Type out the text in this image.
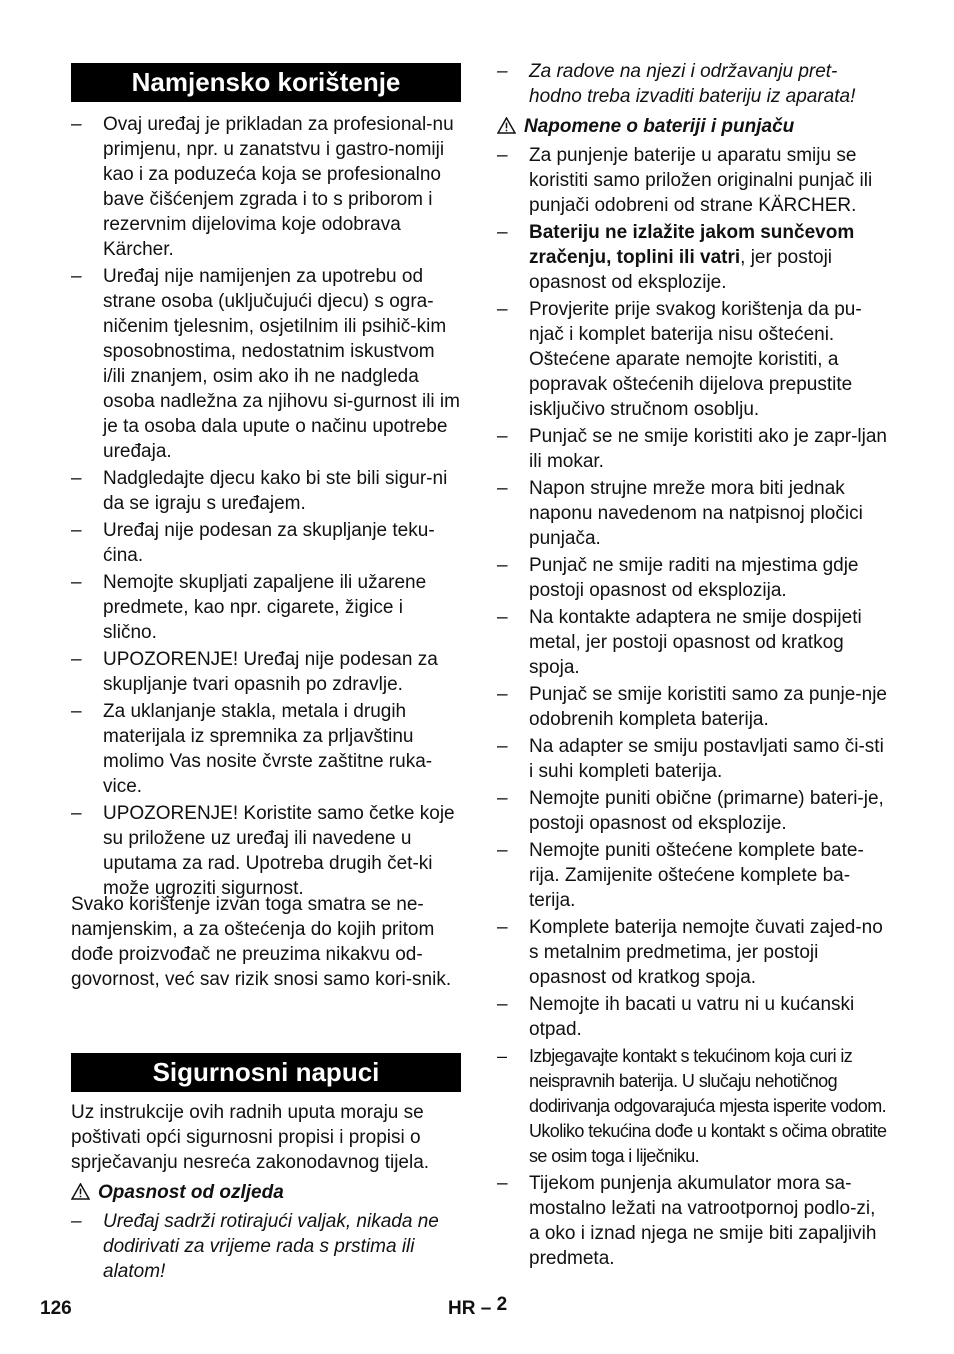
Namjensko korištenje
– Ovaj uređaj je prikladan za profesional-nu primjenu, npr. u zanatstvu i gastro-nomiji kao i za poduzeća koja se profesionalno bave čišćenjem zgrada i to s priborom i rezervnim dijelovima koje odobrava Kärcher.
– Uređaj nije namijenjen za upotrebu od strane osoba (uključujući djecu) s ogra-ničenim tjelesnim, osjetilnim ili psihič-kim sposobnostima, nedostatnim iskustvom i/ili znanjem, osim ako ih ne nadgleda osoba nadležna za njihovu si-gurnost ili im je ta osoba dala upute o načinu upotrebe uređaja.
– Nadgledajte djecu kako bi ste bili sigur-ni da se igraju s uređajem.
– Uređaj nije podesan za skupljanje teku-ćina.
– Nemojte skupljati zapaljene ili užarene predmete, kao npr. cigarete, žigice i slično.
– UPOZORENJE! Uređaj nije podesan za skupljanje tvari opasnih po zdravlje.
– Za uklanjanje stakla, metala i drugih materijala iz spremnika za prljavštinu molimo Vas nosite čvrste zaštitne ruka-vice.
– UPOZORENJE! Koristite samo četke koje su priložene uz uređaj ili navedene u uputama za rad. Upotreba drugih čet-ki može ugroziti sigurnost.

Svako korištenje izvan toga smatra se ne-namjenskim, a za oštećenja do kojih pritom dođe proizvođač ne preuzima nikakvu od-govornost, već sav rizik snosi samo kori-snik.

Sigurnosni napuci

Uz instrukcije ovih radnih uputa moraju se poštivati opći sigurnosni propisi i propisi o sprječavanju nesreća zakonodavnog tijela.

Opasnost od ozljeda
– Uređaj sadrži rotirajući valjak, nikada ne dodirivati za vrijeme rada s prstima ili alatom!
– Za radove na njezi i održavanju pret-hodno treba izvaditi bateriju iz aparata!
Napomene o bateriji i punjaču
– Za punjenje baterije u aparatu smiju se koristiti samo priložen originalni punjač ili punjači odobreni od strane KÄRCHER.
– Bateriju ne izlažite jakom sunčevom zračenju, toplini ili vatri, jer postoji opasnost od eksplozije.
– Provjerite prije svakog korištenja da pu-njač i komplet baterija nisu oštećeni. Oštećene aparate nemojte koristiti, a popravak oštećenih dijelova prepustite isključivo stručnom osoblju.
– Punjač se ne smije koristiti ako je zapr-ljan ili mokar.
– Napon strujne mreže mora biti jednak naponu navedenom na natpisnoj pločici punjača.
– Punjač ne smije raditi na mjestima gdje postoji opasnost od eksplozija.
– Na kontakte adaptera ne smije dospijeti metal, jer postoji opasnost od kratkog spoja.
– Punjač se smije koristiti samo za punje-nje odobrenih kompleta baterija.
– Na adapter se smiju postavljati samo či-sti i suhi kompleti baterija.
– Nemojte puniti obične (primarne) bateri-je, postoji opasnost od eksplozije.
– Nemojte puniti oštećene komplete bate-rija. Zamijenite oštećene komplete ba-terija.
– Komplete baterija nemojte čuvati zajed-no s metalnim predmetima, jer postoji opasnost od kratkog spoja.
– Nemojte ih bacati u vatru ni u kućanski otpad.
– Izbjegavajte kontakt s tekućinom koja curi iz neispravnih baterija. U slučaju nehotičnog dodirivanja odgovarajuća mjesta isperite vodom. Ukoliko tekućina dođe u kontakt s očima obratite se osim toga i liječniku.
– Tijekom punjenja akumulator mora sa-mostalno ležati na vatrootpornoj podlo-zi, a oko i iznad njega ne smije biti zapaljivih predmeta.
126	HR – 2
